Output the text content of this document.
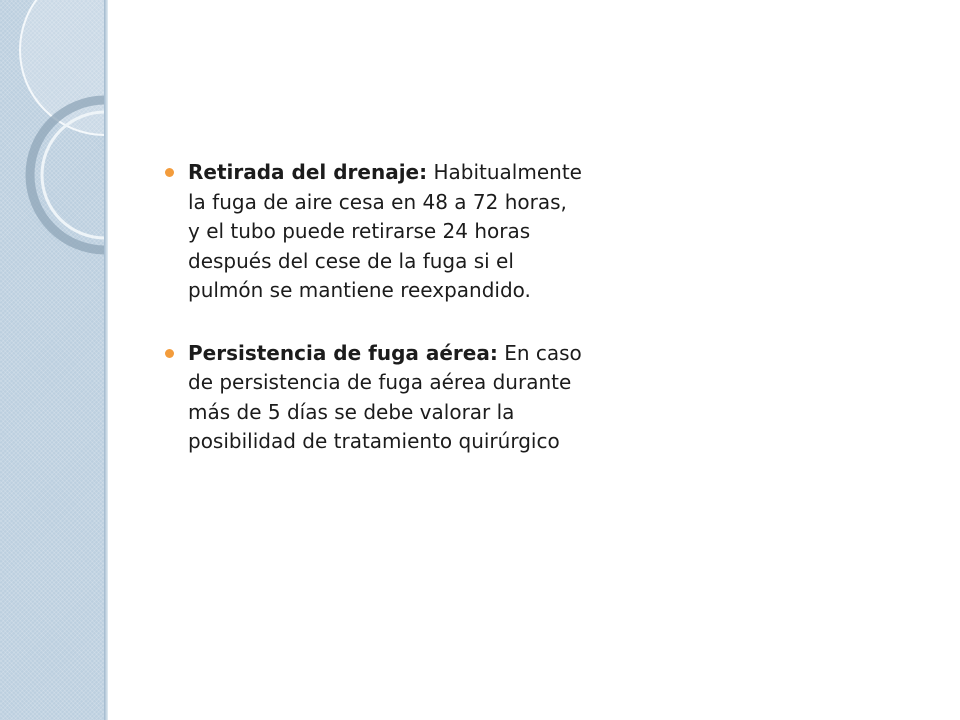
Retirada del drenaje: Habitualmente la fuga de aire cesa en 48 a 72 horas, y el tubo puede retirarse 24 horas después del cese de la fuga si el pulmón se mantiene reexpandido.
Persistencia de fuga aérea: En caso de persistencia de fuga aérea durante más de 5 días se debe valorar la posibilidad de tratamiento quirúrgico
